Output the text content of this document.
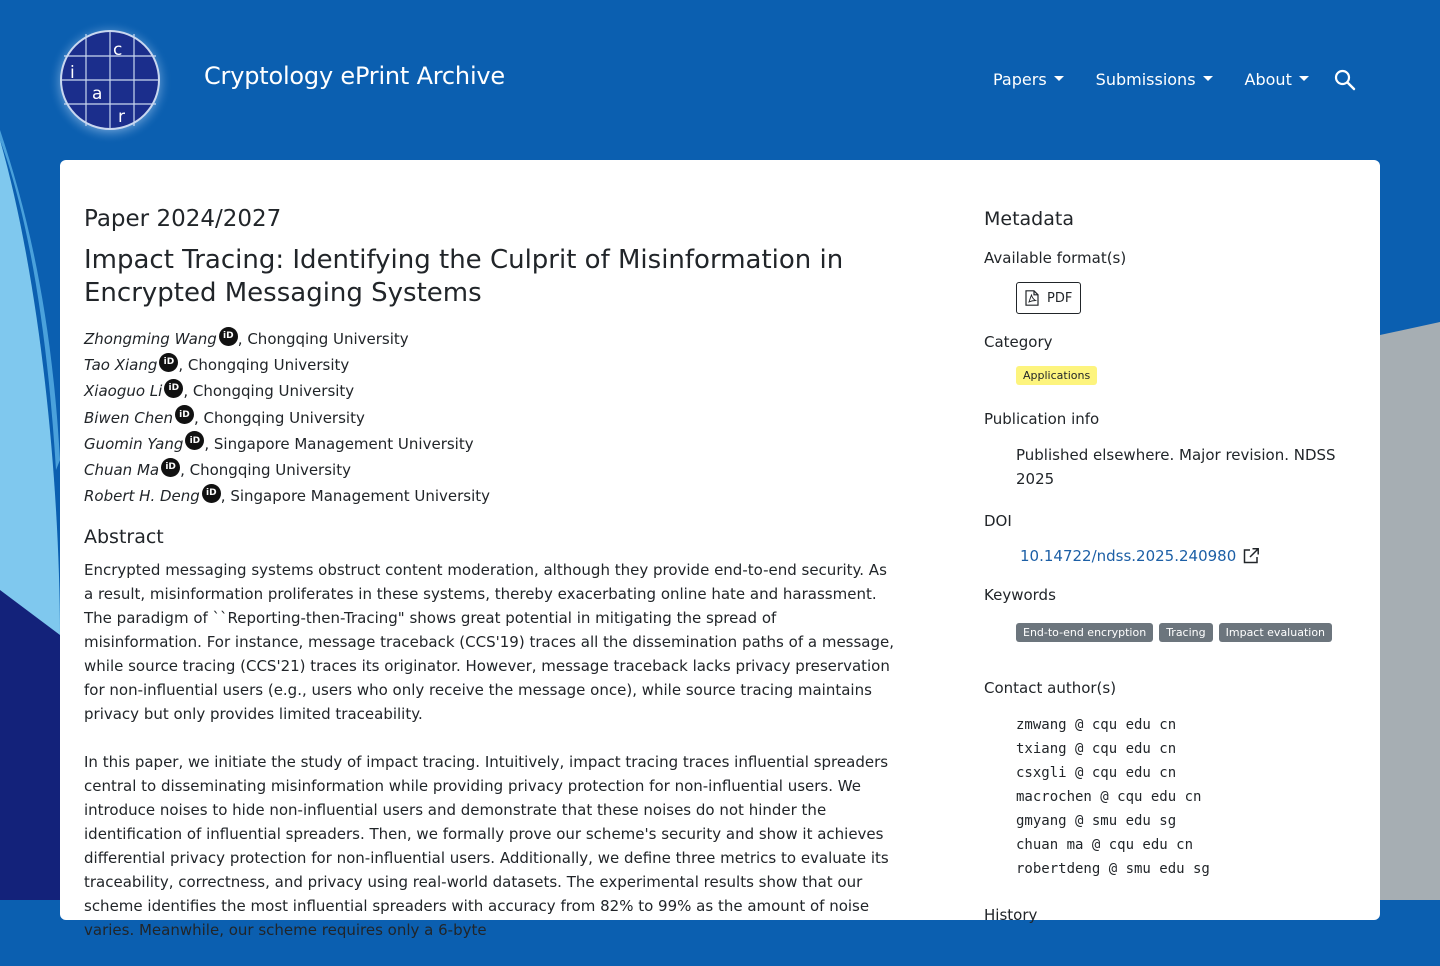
c
i
a
r
Cryptology ePrint Archive	Papers	Submissions	About
Paper 2024/2027
Impact Tracing: Identifying the Culprit of Misinformation in Encrypted Messaging Systems
Zhongming Wang iD , Chongqing University
Tao Xiang iD , Chongqing University
Xiaoguo Li iD , Chongqing University
Biwen Chen iD , Chongqing University
Guomin Yang iD , Singapore Management University
Chuan Ma iD , Chongqing University
Robert H. Deng iD , Singapore Management University
Abstract

Encrypted messaging systems obstruct content moderation, although they provide end-to-end security. As a result, misinformation proliferates in these systems, thereby exacerbating online hate and harassment. The paradigm of ``Reporting-then-Tracing" shows great potential in mitigating the spread of misinformation. For instance, message traceback (CCS'19) traces all the dissemination paths of a message, while source tracing (CCS'21) traces its originator. However, message traceback lacks privacy preservation for non-influential users (e.g., users who only receive the message once), while source tracing maintains privacy but only provides limited traceability.

In this paper, we initiate the study of impact tracing. Intuitively, impact tracing traces influential spreaders central to disseminating misinformation while providing privacy protection for non-influential users. We introduce noises to hide non-influential users and demonstrate that these noises do not hinder the identification of influential spreaders. Then, we formally prove our scheme's security and show it achieves differential privacy protection for non-influential users. Additionally, we define three metrics to evaluate its traceability, correctness, and privacy using real-world datasets. The experimental results show that our scheme identifies the most influential spreaders with accuracy from 82% to 99% as the amount of noise varies. Meanwhile, our scheme requires only a 6-byte

Metadata

Available format(s)

PDF

Category

Applications

Publication info

Published elsewhere. Major revision. NDSS 2025

DOI

10.14722/ndss.2025.240980

Keywords

End-to-end encryption Tracing Impact evaluation

Contact author(s)

zmwang @ cqu edu cn
txiang @ cqu edu cn
csxgli @ cqu edu cn
macrochen @ cqu edu cn
gmyang @ smu edu sg
chuan ma @ cqu edu cn
robertdeng @ smu edu sg

History
